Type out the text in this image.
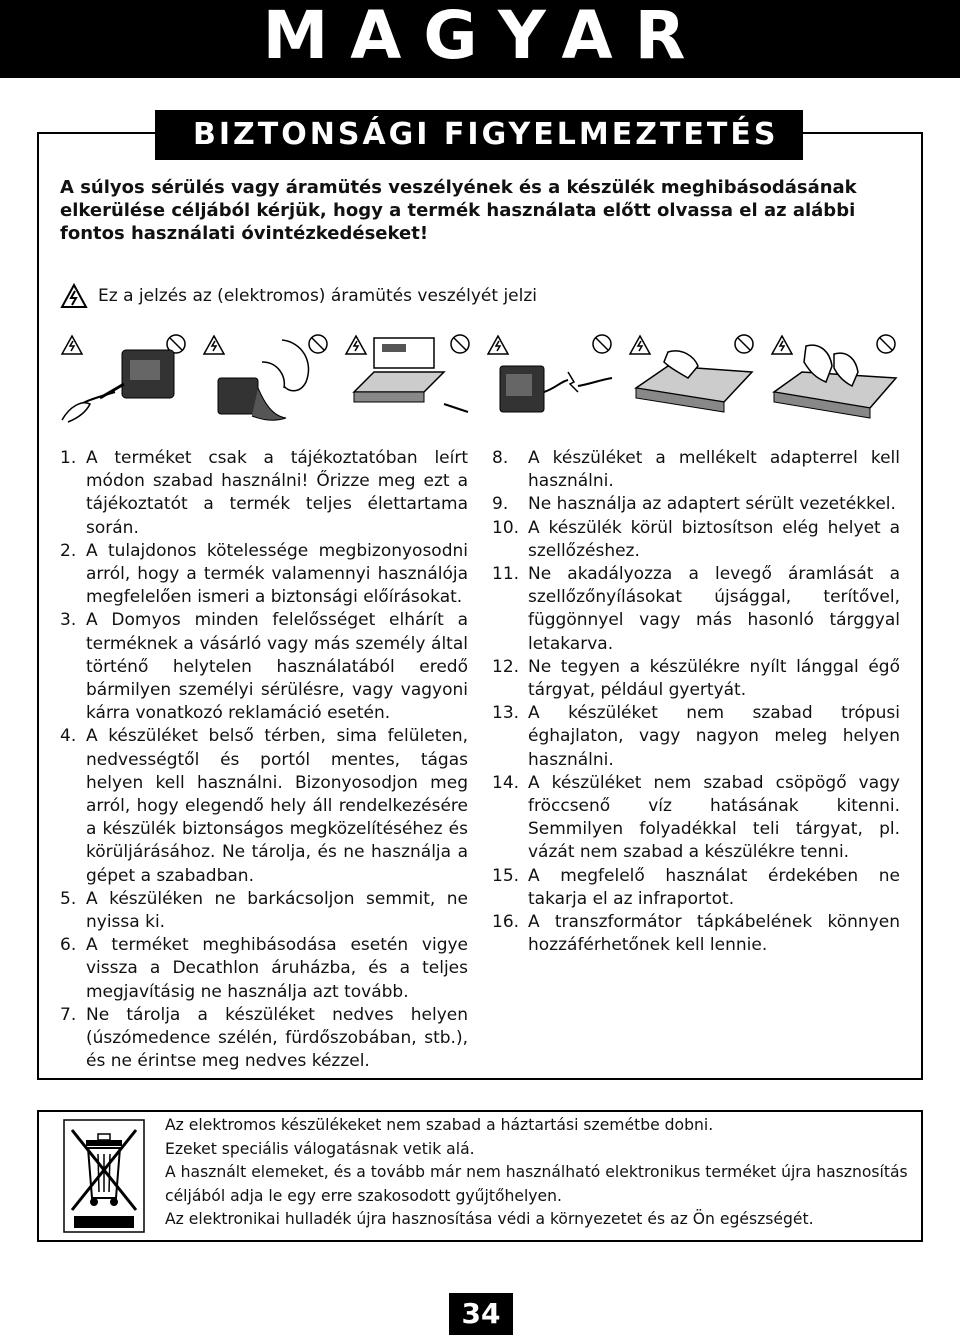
MAGYAR
BIZTONSÁGI FIGYELMEZTETÉS
A súlyos sérülés vagy áramütés veszélyének és a készülék meghibásodásának elkerülése céljából kérjük, hogy a termék használata előtt olvassa el az alábbi fontos használati óvintézkedéseket!
Ez a jelzés az (elektromos) áramütés veszélyét jelzi
1. A terméket csak a tájékoztatóban leírt módon szabad használni! Őrizze meg ezt a tájékoztatót a termék teljes élettartama során.
2. A tulajdonos kötelessége megbizonyosodni arról, hogy a termék valamennyi használója megfelelően ismeri a biztonsági előírásokat.
3. A Domyos minden felelősséget elhárít a terméknek a vásárló vagy más személy által történő helytelen használatából eredő bármilyen személyi sérülésre, vagy vagyoni kárra vonatkozó reklamáció esetén.
4. A készüléket belső térben, sima felületen, nedvességtől és portól mentes, tágas helyen kell használni. Bizonyosodjon meg arról, hogy elegendő hely áll rendelkezésére a készülék biztonságos megközelítéséhez és körüljárásához. Ne tárolja, és ne használja a gépet a szabadban.
5. A készüléken ne barkácsoljon semmit, ne nyissa ki.
6. A terméket meghibásodása esetén vigye vissza a Decathlon áruházba, és a teljes megjavításig ne használja azt tovább.
7. Ne tárolja a készüléket nedves helyen (úszómedence szélén, fürdőszobában, stb.), és ne érintse meg nedves kézzel.
8.	A készüléket a mellékelt adapterrel kell használni.
9.	Ne használja az adaptert sérült vezetékkel.
10. A készülék körül biztosítson elég helyet a szellőzéshez.
11. Ne akadályozza a levegő áramlását a szellőzőnyílásokat újsággal, terítővel, függönnyel vagy más hasonló tárggyal letakarva.
12. Ne tegyen a készülékre nyílt lánggal égő tárgyat, például gyertyát.
13. A készüléket nem szabad trópusi éghajlaton, vagy nagyon meleg helyen használni.
14. A készüléket nem szabad csöpögő vagy fröccsenő víz hatásának kitenni. Semmilyen folyadékkal teli tárgyat, pl. vázát nem szabad a készülékre tenni.
15. A megfelelő használat érdekében ne takarja el az infraportot.
16. A transzformátor tápkábelének könnyen hozzáférhetőnek kell lennie.
Az elektromos készülékeket nem szabad a háztartási szemétbe dobni.
Ezeket speciális válogatásnak vetik alá.
A használt elemeket, és a tovább már nem használható elektronikus terméket újra hasznosítás
céljából adja le egy erre szakosodott gyűjtőhelyen.
Az elektronikai hulladék újra hasznosítása védi a környezetet és az Ön egészségét.
34
